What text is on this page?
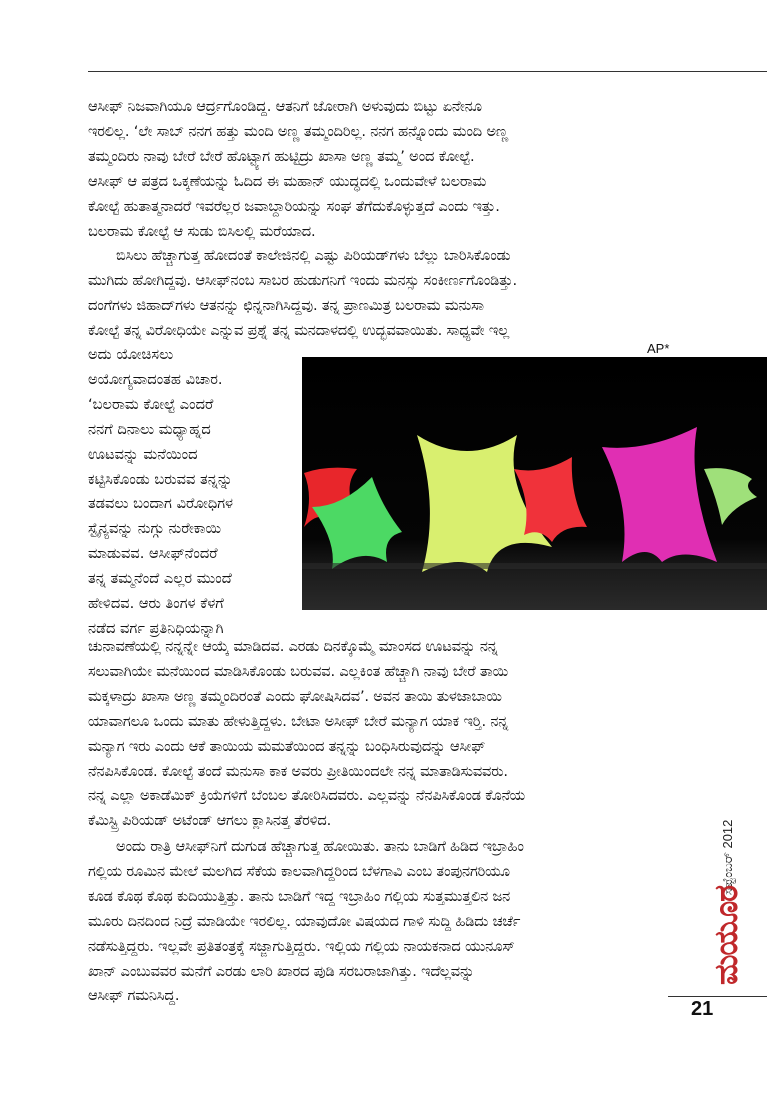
ಆಸೀಫ್ ನಿಜವಾಗಿಯೂ ಆರ್ದ್ರಗೊಂಡಿದ್ದ. ಆತನಿಗೆ ಜೋರಾಗಿ ಅಳುವುದು ಬಿಟ್ಟು ಏನೇನೂ
ಇರಲಿಲ್ಲ. ‘ಲೇ ಸಾಬ್ ನನಗ ಹತ್ತು ಮಂದಿ ಅಣ್ಣ ತಮ್ಮಂದಿರಿಲ್ಲ. ನನಗ ಹನ್ನೊಂದು ಮಂದಿ ಅಣ್ಣ
ತಮ್ಮಂದಿರು ನಾವು ಬೇರೆ ಬೇರೆ ಹೊಟ್ಟ್ಯಾಗ ಹುಟ್ಟಿದ್ರು ಖಾಸಾ ಅಣ್ಣ ತಮ್ಮ’ ಅಂದ ಕೋಲ್ಟೆ.
ಆಸೀಫ್ ಆ ಪತ್ರದ ಒಕ್ಕಣೆಯನ್ನು ಓದಿದ ಈ ಮಹಾನ್ ಯುದ್ಧದಲ್ಲಿ ಒಂದುವೇಳೆ ಬಲರಾಮ
ಕೋಲ್ಟೆ ಹುತಾತ್ಮನಾದರೆ ಇವರೆಲ್ಲರ ಜವಾಬ್ದಾರಿಯನ್ನು ಸಂಘ ತೆಗೆದುಕೊಳ್ಳುತ್ತದೆ ಎಂದು ಇತ್ತು.
ಬಲರಾಮ ಕೋಲ್ಟೆ ಆ ಸುಡು ಬಿಸಿಲಲ್ಲಿ ಮರೆಯಾದ.
ಬಿಸಿಲು ಹೆಚ್ಚಾಗುತ್ತ ಹೋದಂತೆ ಕಾಲೇಜಿನಲ್ಲಿ ಎಷ್ಟು ಪಿರಿಯಡ್‌ಗಳು ಬೆಲ್ಲು ಬಾರಿಸಿಕೊಂಡು
ಮುಗಿದು ಹೋಗಿದ್ದವು. ಆಸೀಫ್‌ನಂಬ ಸಾಬರ ಹುಡುಗನಿಗೆ ಇಂದು ಮನಸ್ಸು ಸಂಕೀರ್ಣಗೊಂಡಿತ್ತು.
ದಂಗೆಗಳು ಜಿಹಾದ್‌ಗಳು ಆತನನ್ನು ಛಿನ್ನನಾಗಿಸಿದ್ದವು. ತನ್ನ ಪ್ರಾಣಮಿತ್ರ ಬಲರಾಮ ಮನುಸಾ
ಕೋಲ್ಟೆ ತನ್ನ ವಿರೋಧಿಯೇ ಎನ್ನುವ ಪ್ರಶ್ನೆ ತನ್ನ ಮನದಾಳದಲ್ಲಿ ಉದ್ಭವವಾಯಿತು. ಸಾಧ್ಯವೇ ಇಲ್ಲ
AP*
ಅದು ಯೋಚಿಸಲು
ಅಯೋಗ್ಯವಾದಂತಹ ವಿಚಾರ.
‘ಬಲರಾಮ ಕೋಲ್ಟೆ ಎಂದರೆ
ನನಗೆ ದಿನಾಲು ಮಧ್ಯಾಹ್ನದ
ಊಟವನ್ನು ಮನೆಯಿಂದ
ಕಟ್ಟಿಸಿಕೊಂಡು ಬರುವವ ತನ್ನನ್ನು
ತಡವಲು ಬಂದಾಗ ವಿರೋಧಿಗಳ
ಸ್ಟೈನ್ಯವನ್ನು ನುಗ್ಗು ನುರೇಕಾಯಿ
ಮಾಡುವವ. ಆಸೀಫ್‌ನೆಂದರೆ
ತನ್ನ ತಮ್ಮನೆಂದೆ ಎಲ್ಲರ ಮುಂದೆ
ಹೇಳಿದವ. ಆರು ತಿಂಗಳ ಕೆಳಗೆ
ನಡೆದ ವರ್ಗ ಪ್ರತಿನಿಧಿಯನ್ನಾಗಿ
ಚುನಾವಣೆಯಲ್ಲಿ ನನ್ನನ್ನೇ ಆಯ್ಕೆ ಮಾಡಿದವ. ಎರಡು ದಿನಕ್ಕೊಮ್ಮೆ ಮಾಂಸದ ಊಟವನ್ನು ನನ್ನ
ಸಲುವಾಗಿಯೇ ಮನೆಯಿಂದ ಮಾಡಿಸಿಕೊಂಡು ಬರುವವ. ಎಲ್ಲಕಿಂತ ಹೆಚ್ಚಾಗಿ ನಾವು ಬೇರೆ ತಾಯಿ
ಮಕ್ಕಳಾದ್ರು ಖಾಸಾ ಅಣ್ಣ ತಮ್ಮಂದಿರಂತೆ ಎಂದು ಘೋಷಿಸಿದವ’. ಅವನ ತಾಯಿ ತುಳಜಾಬಾಯಿ
ಯಾವಾಗಲೂ ಒಂದು ಮಾತು ಹೇಳುತ್ತಿದ್ದಳು. ಬೇಟಾ ಅಸೀಫ್ ಬೇರೆ ಮನ್ಯಾಗ ಯಾಕ ಇರ್‍ತಿ. ನನ್ನ
ಮನ್ಯಾಗ ಇರು ಎಂದು ಆಕೆ ತಾಯಿಯ ಮಮತೆಯಿಂದ ತನ್ನನ್ನು ಬಂಧಿಸಿರುವುದನ್ನು ಆಸೀಫ್
ನೆನಪಿಸಿಕೊಂಡ. ಕೋಲ್ಟೆ ತಂದೆ ಮನುಸಾ ಕಾಕ ಅವರು ಪ್ರೀತಿಯಿಂದಲೇ ನನ್ನ ಮಾತಾಡಿಸುವವರು.
ನನ್ನ ಎಲ್ಲಾ ಅಕಾಡೆಮಿಕ್ ಕ್ರಿಯೆಗಳಿಗೆ ಬೆಂಬಲ ತೋರಿಸಿದವರು. ಎಲ್ಲವನ್ನು ನೆನಪಿಸಿಕೊಂಡ ಕೊನೆಯ
ಕೆಮಿಸ್ಟ್ರಿ ಪಿರಿಯಡ್ ಅಟೆಂಡ್ ಆಗಲು ಕ್ಲಾಸಿನತ್ತ ತೆರಳಿದ.
ಅಂದು ರಾತ್ರಿ ಆಸೀಫ್‌ನಿಗೆ ದುಗುಡ ಹೆಚ್ಚಾಗುತ್ತ ಹೋಯಿತು. ತಾನು ಬಾಡಿಗೆ ಹಿಡಿದ ಇಬ್ರಾಹಿಂ
ಗಲ್ಲಿಯ ರೂಮಿನ ಮೇಲೆ ಮಲಗಿದ ಸೆಕೆಯ ಕಾಲವಾಗಿದ್ದರಿಂದ ಬೆಳಗಾವಿ ಎಂಬ ತಂಪುನಗರಿಯೂ
ಕೂಡ ಕೊಥ ಕೊಥ ಕುದಿಯುತ್ತಿತ್ತು. ತಾನು ಬಾಡಿಗೆ ಇದ್ದ ಇಬ್ರಾಹಿಂ ಗಲ್ಲಿಯ ಸುತ್ತಮುತ್ತಲಿನ ಜನ
ಮೂರು ದಿನದಿಂದ ನಿದ್ರೆ ಮಾಡಿಯೇ ಇರಲಿಲ್ಲ. ಯಾವುದೋ ವಿಷಯದ ಗಾಳಿ ಸುದ್ದಿ ಹಿಡಿದು ಚರ್ಚೆ
ನಡೆಸುತ್ತಿದ್ದರು. ಇಲ್ಲವೇ ಪ್ರತಿತಂತ್ರಕ್ಕೆ ಸಜ್ಜಾಗುತ್ತಿದ್ದರು. ಇಲ್ಲಿಯ ಗಲ್ಲಿಯ ನಾಯಕನಾದ ಯುನೂಸ್
ಖಾನ್ ಎಂಬುವವರ ಮನೆಗೆ ಎರಡು ಲಾರಿ ಖಾರದ ಪುಡಿ ಸರಬರಾಜಾಗಿತ್ತು. ಇದೆಲ್ಲವನ್ನು
ಆಸೀಫ್ ಗಮನಿಸಿದ್ದ.
ಸೆಪ್ಟೆಂಬರ್ 2012
ಮಯೂರ
21
